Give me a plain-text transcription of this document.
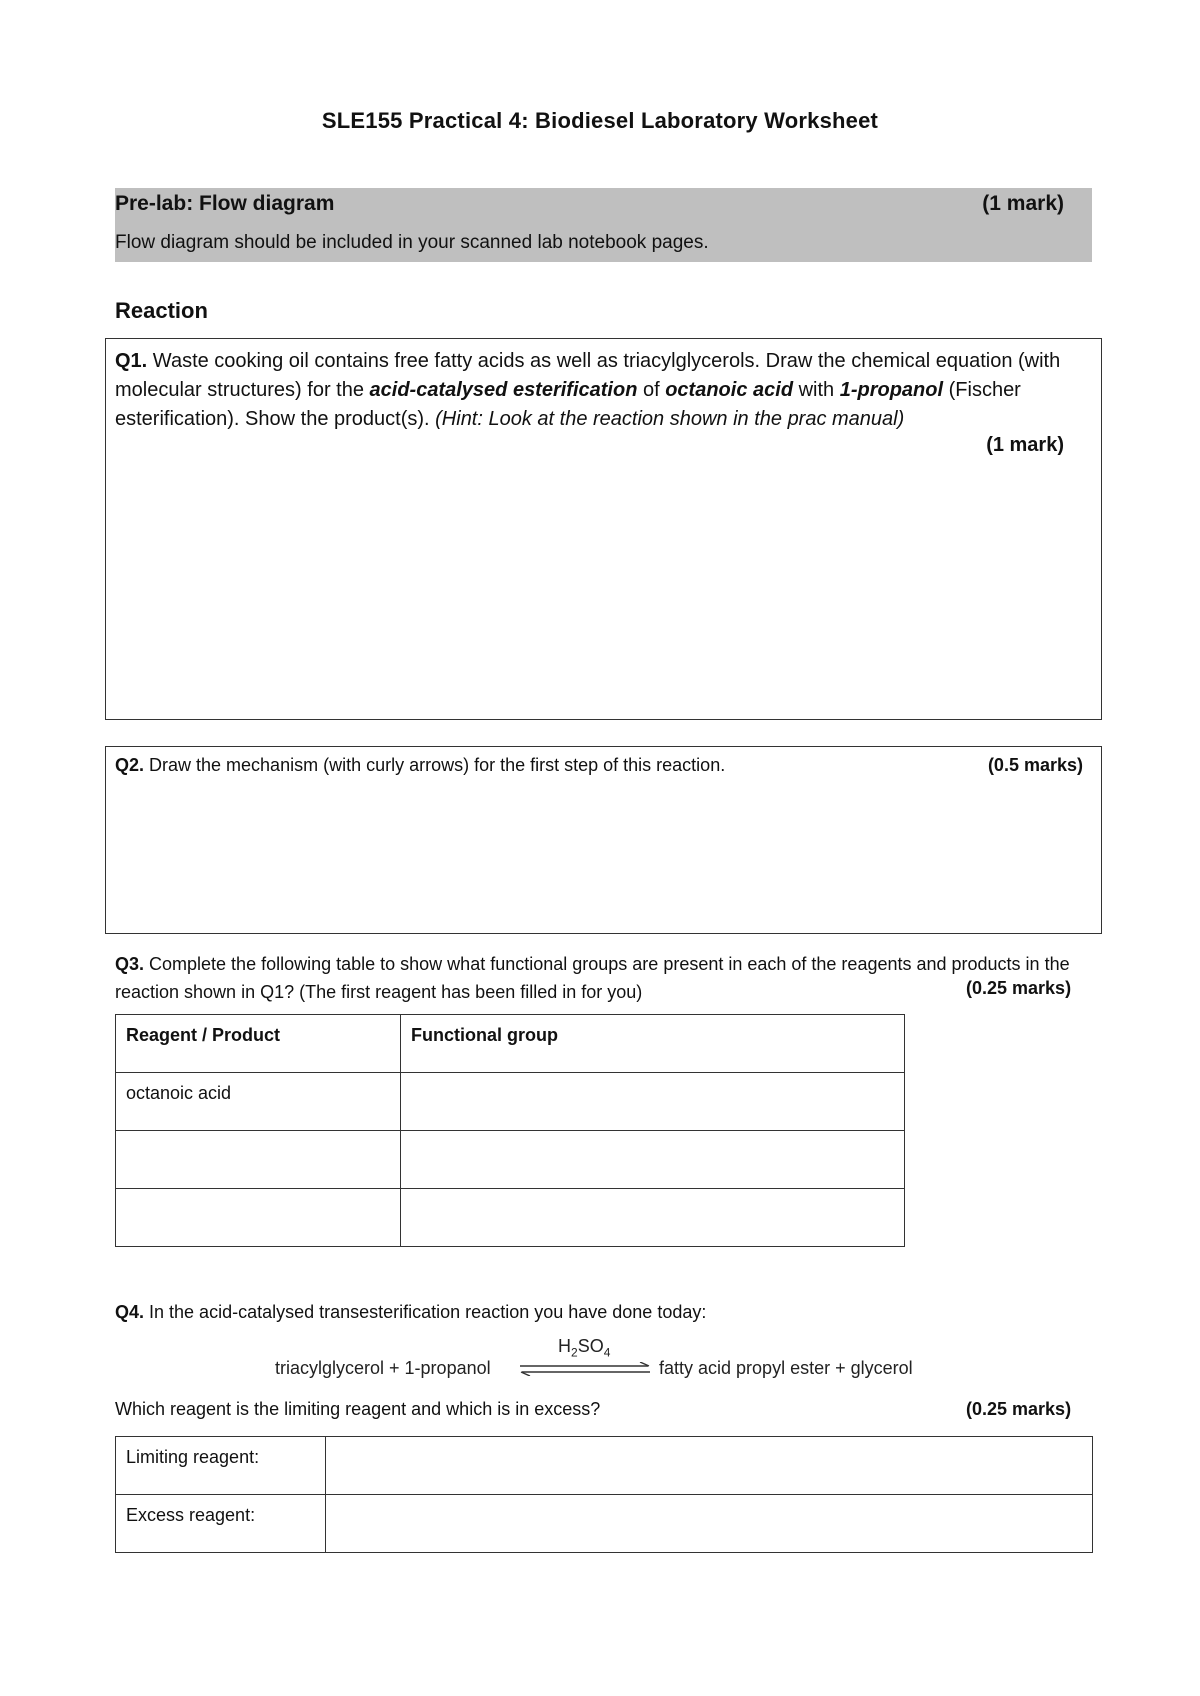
SLE155 Practical 4: Biodiesel Laboratory Worksheet
Pre-lab: Flow diagram	(1 mark)
Flow diagram should be included in your scanned lab notebook pages.
Reaction
Q1. Waste cooking oil contains free fatty acids as well as triacylglycerols. Draw the chemical equation (with molecular structures) for the acid-catalysed esterification of octanoic acid with 1-propanol (Fischer esterification). Show the product(s). (Hint: Look at the reaction shown in the prac manual)
(1 mark)
Q2. Draw the mechanism (with curly arrows) for the first step of this reaction.	(0.5 marks)
Q3. Complete the following table to show what functional groups are present in each of the reagents and products in the reaction shown in Q1? (The first reagent has been filled in for you)	(0.25 marks)
Reagent / Product	Functional group
octanoic acid	

Q4. In the acid-catalysed transesterification reaction you have done today:
triacylglycerol + 1-propanol
$H_2SO_4$
fatty acid propyl ester + glycerol
Which reagent is the limiting reagent and which is in excess?	(0.25 marks)
Limiting reagent:	
Excess reagent:	
